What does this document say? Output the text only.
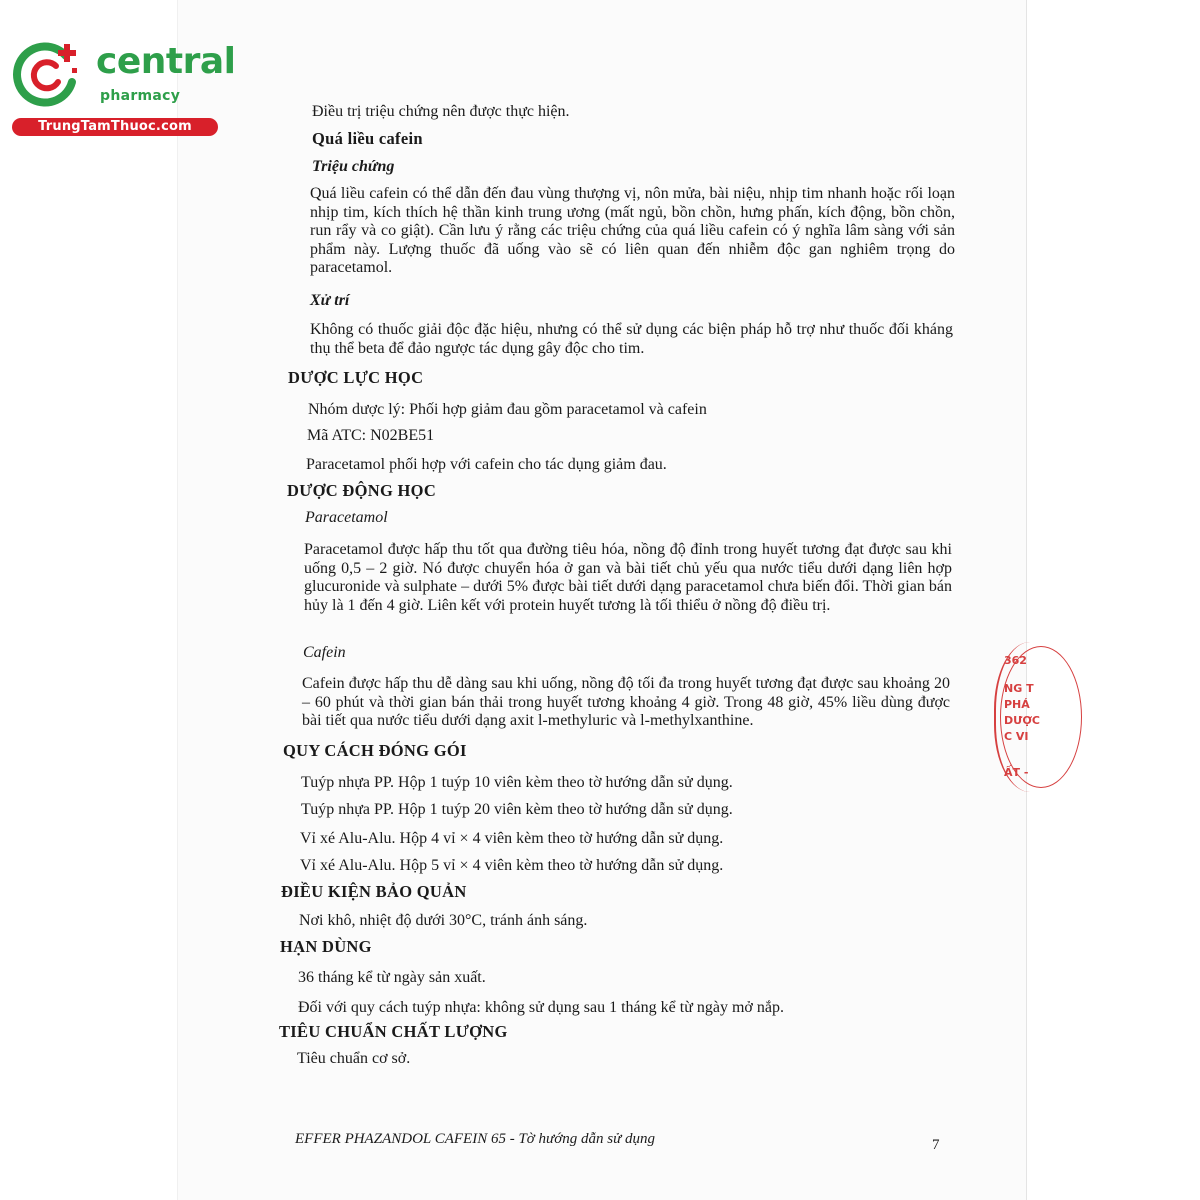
central
pharmacy
TrungTamThuoc.com
Điều trị triệu chứng nên được thực hiện.
Quá liều cafein
Triệu chứng
Quá liều cafein có thể dẫn đến đau vùng thượng vị, nôn mửa, bài niệu, nhịp tim nhanh hoặc rối loạn nhịp tim, kích thích hệ thần kinh trung ương (mất ngủ, bồn chồn, hưng phấn, kích động, bồn chồn, run rẩy và co giật). Cần lưu ý rằng các triệu chứng của quá liều cafein có ý nghĩa lâm sàng với sản phẩm này. Lượng thuốc đã uống vào sẽ có liên quan đến nhiễm độc gan nghiêm trọng do paracetamol.
Xử trí
Không có thuốc giải độc đặc hiệu, nhưng có thể sử dụng các biện pháp hỗ trợ như thuốc đối kháng thụ thể beta để đảo ngược tác dụng gây độc cho tim.
DƯỢC LỰC HỌC
Nhóm dược lý: Phối hợp giảm đau gồm paracetamol và cafein
Mã ATC: N02BE51
Paracetamol phối hợp với cafein cho tác dụng giảm đau.
DƯỢC ĐỘNG HỌC
Paracetamol
Paracetamol được hấp thu tốt qua đường tiêu hóa, nồng độ đỉnh trong huyết tương đạt được sau khi uống 0,5 – 2 giờ. Nó được chuyển hóa ở gan và bài tiết chủ yếu qua nước tiểu dưới dạng liên hợp glucuronide và sulphate – dưới 5% được bài tiết dưới dạng paracetamol chưa biến đổi. Thời gian bán hủy là 1 đến 4 giờ. Liên kết với protein huyết tương là tối thiểu ở nồng độ điều trị.
Cafein
Cafein được hấp thu dễ dàng sau khi uống, nồng độ tối đa trong huyết tương đạt được sau khoảng 20 – 60 phút và thời gian bán thải trong huyết tương khoảng 4 giờ. Trong 48 giờ, 45% liều dùng được bài tiết qua nước tiểu dưới dạng axit l-methyluric và l-methylxanthine.
QUY CÁCH ĐÓNG GÓI
Tuýp nhựa PP. Hộp 1 tuýp 10 viên kèm theo tờ hướng dẫn sử dụng.
Tuýp nhựa PP. Hộp 1 tuýp 20 viên kèm theo tờ hướng dẫn sử dụng.
Vỉ xé Alu-Alu. Hộp 4 vỉ × 4 viên kèm theo tờ hướng dẫn sử dụng.
Vỉ xé Alu-Alu. Hộp 5 vỉ × 4 viên kèm theo tờ hướng dẫn sử dụng.
ĐIỀU KIỆN BẢO QUẢN
Nơi khô, nhiệt độ dưới 30°C, tránh ánh sáng.
HẠN DÙNG
36 tháng kể từ ngày sản xuất.
Đối với quy cách tuýp nhựa: không sử dụng sau 1 tháng kể từ ngày mở nắp.
TIÊU CHUẨN CHẤT LƯỢNG
Tiêu chuẩn cơ sở.
EFFER PHAZANDOL CAFEIN 65 - Tờ hướng dẫn sử dụng	7
362
NG T
PHÁ
DƯỢC
C VI
ẤT -
